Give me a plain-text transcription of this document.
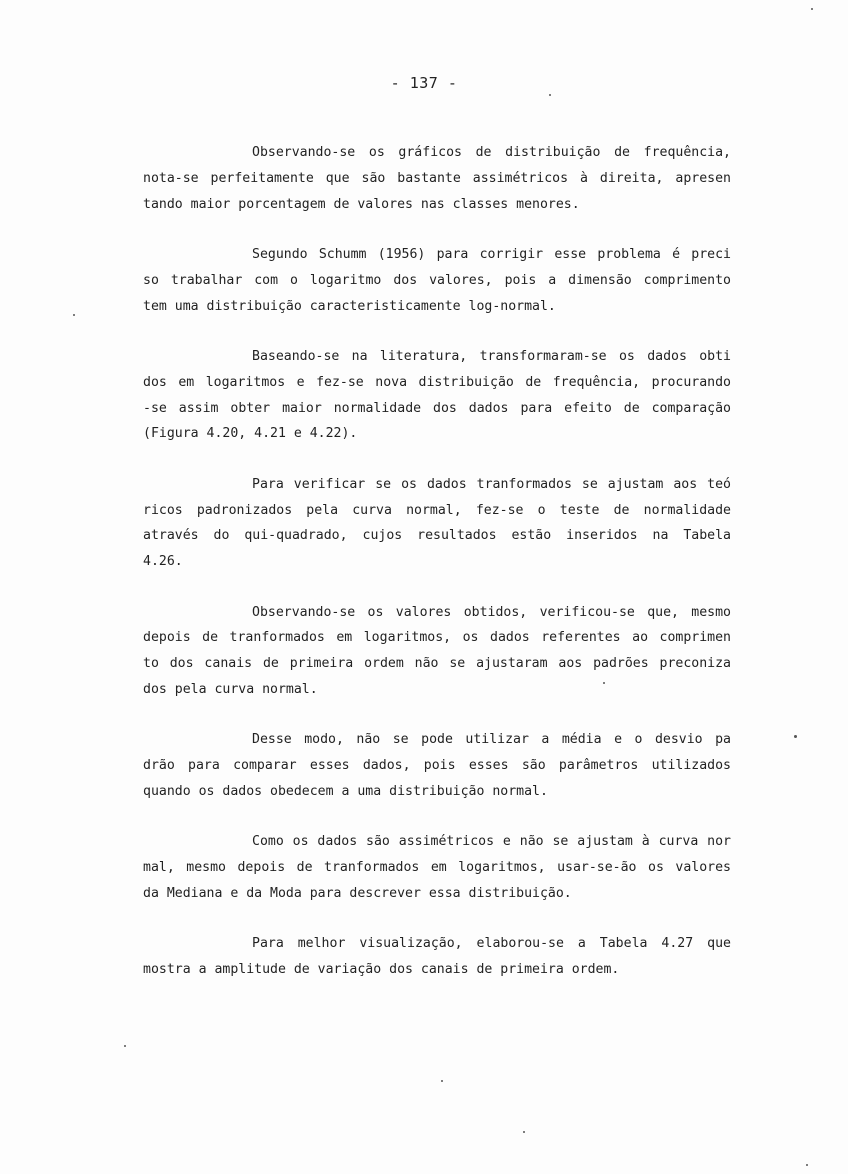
- 137 -

Observando-se os gráficos de distribuição de frequência,
nota-se perfeitamente que são bastante assimétricos à direita, apresen
tando maior porcentagem de valores nas classes menores.

Segundo Schumm (1956) para corrigir esse problema é preci
so trabalhar com o logaritmo dos valores, pois a dimensão comprimento
tem uma distribuição caracteristicamente log-normal.

Baseando-se na literatura, transformaram-se os dados obti
dos em logaritmos e fez-se nova distribuição de frequência, procurando
-se assim obter maior normalidade dos dados para efeito de comparação
(Figura 4.20, 4.21 e 4.22).

Para verificar se os dados tranformados se ajustam aos teó
ricos padronizados pela curva normal, fez-se o teste de normalidade
através do qui-quadrado, cujos resultados estão inseridos na Tabela
4.26.

Observando-se os valores obtidos, verificou-se que, mesmo
depois de tranformados em logaritmos, os dados referentes ao comprimen
to dos canais de primeira ordem não se ajustaram aos padrões preconiza
dos pela curva normal.

Desse modo, não se pode utilizar a média e o desvio pa
drão para comparar esses dados, pois esses são parâmetros utilizados
quando os dados obedecem a uma distribuição normal.

Como os dados são assimétricos e não se ajustam à curva nor
mal, mesmo depois de tranformados em logaritmos, usar-se-ão os valores
da Mediana e da Moda para descrever essa distribuição.

Para melhor visualização, elaborou-se a Tabela 4.27 que
mostra a amplitude de variação dos canais de primeira ordem.
